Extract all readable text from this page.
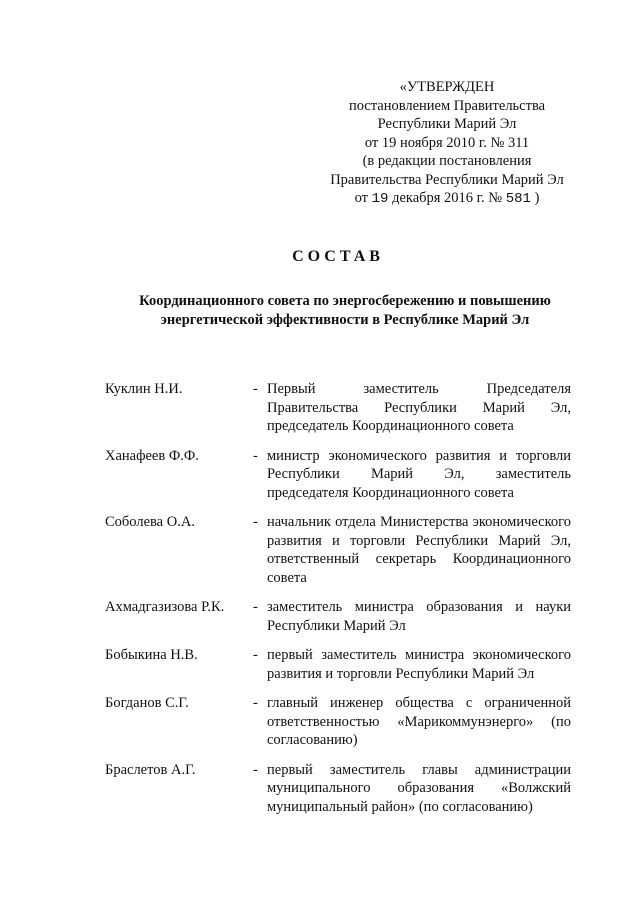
«УТВЕРЖДЕН
постановлением Правительства
Республики Марий Эл
от 19 ноября 2010 г. № 311
(в редакции постановления
Правительства Республики Марий Эл
от 19 декабря 2016 г. № 581 )
СОСТАВ
Координационного совета по энергосбережению и повышению
энергетической эффективности в Республике Марий Эл
Куклин Н.И.	- Первый заместитель Председателя Правительства Республики Марий Эл, председатель Координационного совета
Ханафеев Ф.Ф.	- министр экономического развития и торговли Республики Марий Эл, заместитель председателя Координационного совета
Соболева О.А.	- начальник отдела Министерства экономического развития и торговли Республики Марий Эл, ответственный секретарь Координационного совета
Ахмадгазизова Р.К. - заместитель министра образования и науки Республики Марий Эл
Бобыкина Н.В.	- первый заместитель министра экономического развития и торговли Республики Марий Эл
Богданов С.Г.	- главный инженер общества с ограниченной ответственностью «Марикоммунэнерго» (по согласованию)
Браслетов А.Г.	- первый заместитель главы администрации муниципального образования «Волжский муниципальный район» (по согласованию)
